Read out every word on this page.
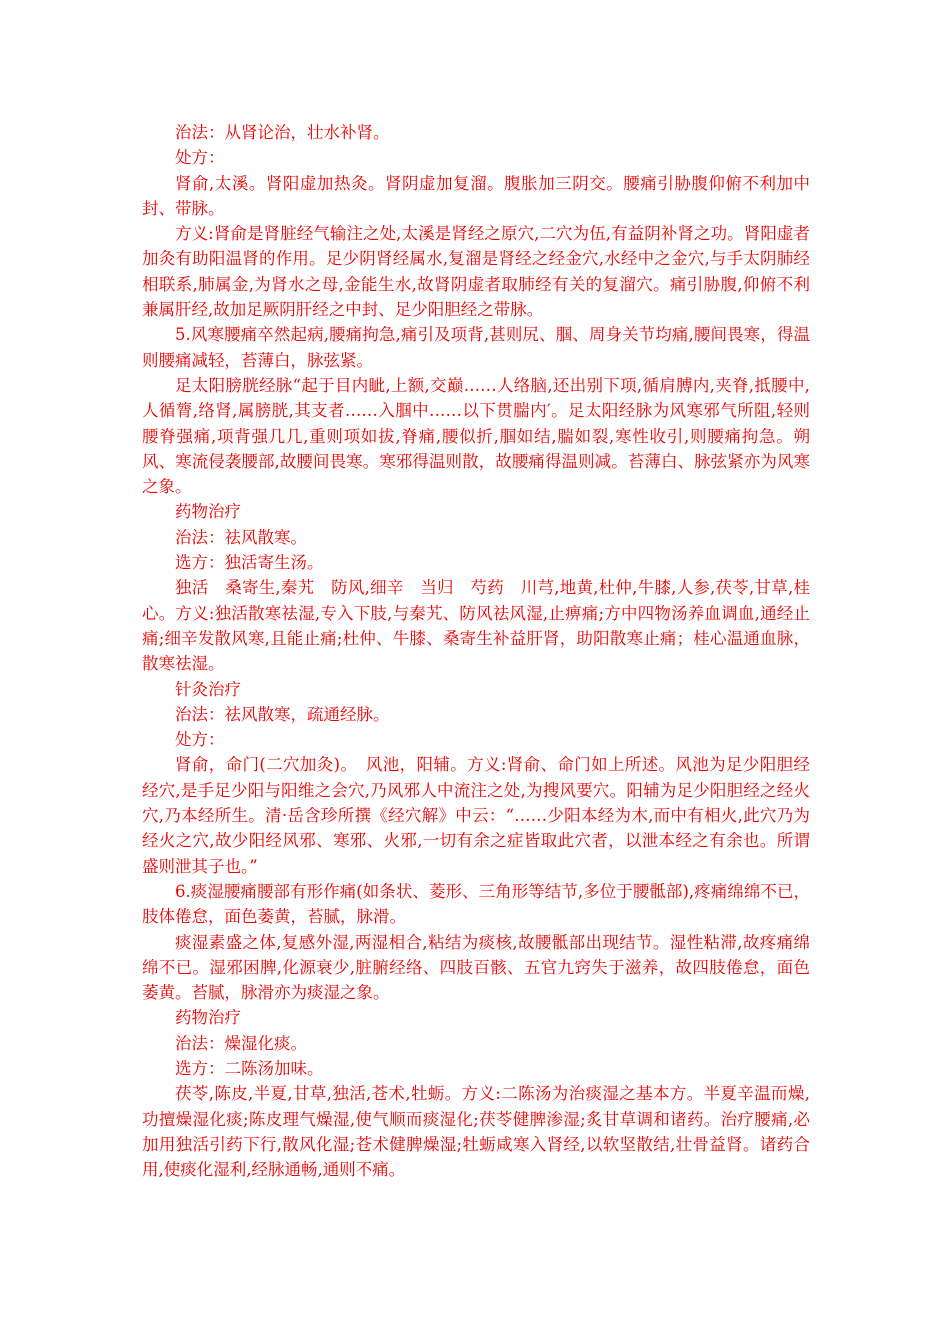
治法：从肾论治，壮水补肾。

处方：

肾俞,太溪。肾阳虚加热灸。肾阴虚加复溜。腹胀加三阴交。腰痛引胁腹仰俯不利加中封、带脉。

方义:肾俞是肾脏经气输注之处,太溪是肾经之原穴,二穴为伍,有益阴补肾之功。肾阳虚者加灸有助阳温肾的作用。足少阴肾经属水,复溜是肾经之经金穴,水经中之金穴,与手太阴肺经相联系,肺属金,为肾水之母,金能生水,故肾阴虚者取肺经有关的复溜穴。痛引胁腹,仰俯不利兼属肝经,故加足厥阴肝经之中封、足少阳胆经之带脉。

5.风寒腰痛卒然起病,腰痛拘急,痛引及项背,甚则尻、腘、周身关节均痛,腰间畏寒，得温则腰痛减轻，苔薄白，脉弦紧。

足太阳膀胱经脉“起于目内眦,上额,交巅……人络脑,还出别下项,循肩膊内,夹脊,抵腰中,人循膂,络肾,属膀胱,其支者……入腘中……以下贯腨内′。足太阳经脉为风寒邪气所阻,轻则腰脊强痛,项背强几几,重则项如拔,脊痛,腰似折,腘如结,腨如裂,寒性收引,则腰痛拘急。朔风、寒流侵袭腰部,故腰间畏寒。寒邪得温则散，故腰痛得温则减。苔薄白、脉弦紧亦为风寒之象。

药物治疗

治法：祛风散寒。

选方：独活寄生汤。

独活　桑寄生,秦艽　防风,细辛　当归　芍药　川芎,地黄,杜仲,牛膝,人参,茯苓,甘草,桂心。方义:独活散寒祛湿,专入下肢,与秦艽、防风祛风湿,止痹痛;方中四物汤养血调血,通经止痛;细辛发散风寒,且能止痛;杜仲、牛膝、桑寄生补益肝肾，助阳散寒止痛；桂心温通血脉，散寒祛湿。

针灸治疗

治法：祛风散寒，疏通经脉。

处方：

肾俞，命门(二穴加灸)。　风池，阳辅。方义:肾俞、命门如上所述。风池为足少阳胆经经穴,是手足少阳与阳维之会穴,乃风邪人中流注之处,为搜风要穴。阳辅为足少阳胆经之经火穴,乃本经所生。清·岳含珍所撰《经穴解》中云：“……少阳本经为木,而中有相火,此穴乃为经火之穴,故少阳经风邪、寒邪、火邪,一切有余之症皆取此穴者，以泄本经之有余也。所谓盛则泄其子也。”

6.痰湿腰痛腰部有形作痛(如条状、菱形、三角形等结节,多位于腰骶部),疼痛绵绵不已，肢体倦怠，面色萎黄，苔腻，脉滑。

痰湿素盛之体,复感外湿,两湿相合,粘结为痰核,故腰骶部出现结节。湿性粘滞,故疼痛绵绵不已。湿邪困脾,化源衰少,脏腑经络、四肢百骸、五官九窍失于滋养，故四肢倦怠，面色萎黄。苔腻，脉滑亦为痰湿之象。

药物治疗

治法：燥湿化痰。

选方：二陈汤加味。

茯苓,陈皮,半夏,甘草,独活,苍术,牡蛎。方义:二陈汤为治痰湿之基本方。半夏辛温而燥,功擅燥湿化痰;陈皮理气燥湿,使气顺而痰湿化;茯苓健脾渗湿;炙甘草调和诸药。治疗腰痛,必加用独活引药下行,散风化湿;苍术健脾燥湿;牡蛎咸寒入肾经,以软坚散结,壮骨益肾。诸药合用,使痰化湿利,经脉通畅,通则不痛。
